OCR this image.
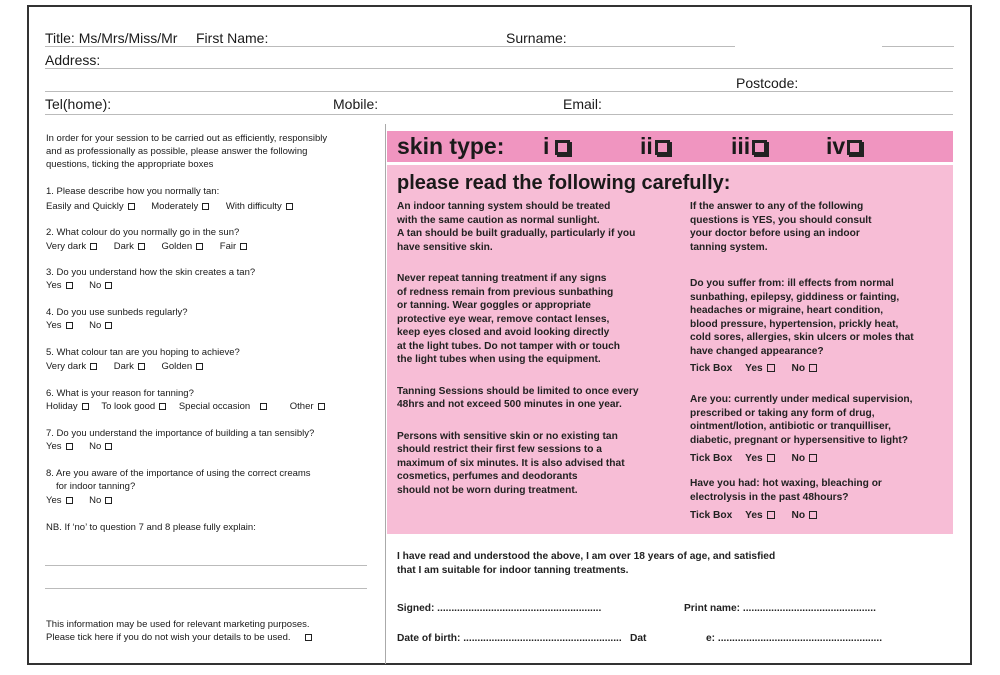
Title: Ms/Mrs/Miss/Mr First Name:	Surname:
Address:
Postcode:
Tel(home):	Mobile:	Email:
In order for your session to be carried out as efficiently, responsibly
and as professionally as possible, please answer the following
questions, ticking the appropriate boxes
1. Please describe how you normally tan:
Easily and Quickly	Moderately	With difficulty
2. What colour do you normally go in the sun?
Very dark	Dark	Golden	Fair
3. Do you understand how the skin creates a tan?
Yes	No
4. Do you use sunbeds regularly?
Yes	No
5. What colour tan are you hoping to achieve?
Very dark	Dark	Golden
6. What is your reason for tanning?
Holiday To look good Special occasion	Other
7. Do you understand the importance of building a tan sensibly?
Yes	No
8. Are you aware of the importance of using the correct creams
for indoor tanning?
Yes	No
NB. If ‘no’ to question 7 and 8 please fully explain:
This information may be used for relevant marketing purposes.
Please tick here if you do not wish your details to be used.
skin type: i	ii	iii	iv
please read the following carefully:
An indoor tanning system should be treated
with the same caution as normal sunlight.
A tan should be built gradually, particularly if you
have sensitive skin.
Never repeat tanning treatment if any signs
of redness remain from previous sunbathing
or tanning. Wear goggles or appropriate
protective eye wear, remove contact lenses,
keep eyes closed and avoid looking directly
at the light tubes. Do not tamper with or touch
the light tubes when using the equipment.
Tanning Sessions should be limited to once every
48hrs and not exceed 500 minutes in one year.
Persons with sensitive skin or no existing tan
should restrict their first few sessions to a
maximum of six minutes. It is also advised that
cosmetics, perfumes and deodorants
should not be worn during treatment.
If the answer to any of the following
questions is YES, you should consult
your doctor before using an indoor
tanning system.
Do you suffer from: ill effects from normal
sunbathing, epilepsy, giddiness or fainting,
headaches or migraine, heart condition,
blood pressure, hypertension, prickly heat,
cold sores, allergies, skin ulcers or moles that
have changed appearance?
Tick Box Yes	No
Are you: currently under medical supervision,
prescribed or taking any form of drug,
ointment/lotion, antibiotic or tranquilliser,
diabetic, pregnant or hypersensitive to light?
Tick Box Yes	No
Have you had: hot waxing, bleaching or
electrolysis in the past 48hours?
Tick Box Yes	No
I have read and understood the above, I am over 18 years of age, and satisfied
that I am suitable for indoor tanning treatments.
Signed: ..........................................................	Print name: ...............................................
Date of birth: ........................................................ Dat	e: ..........................................................
